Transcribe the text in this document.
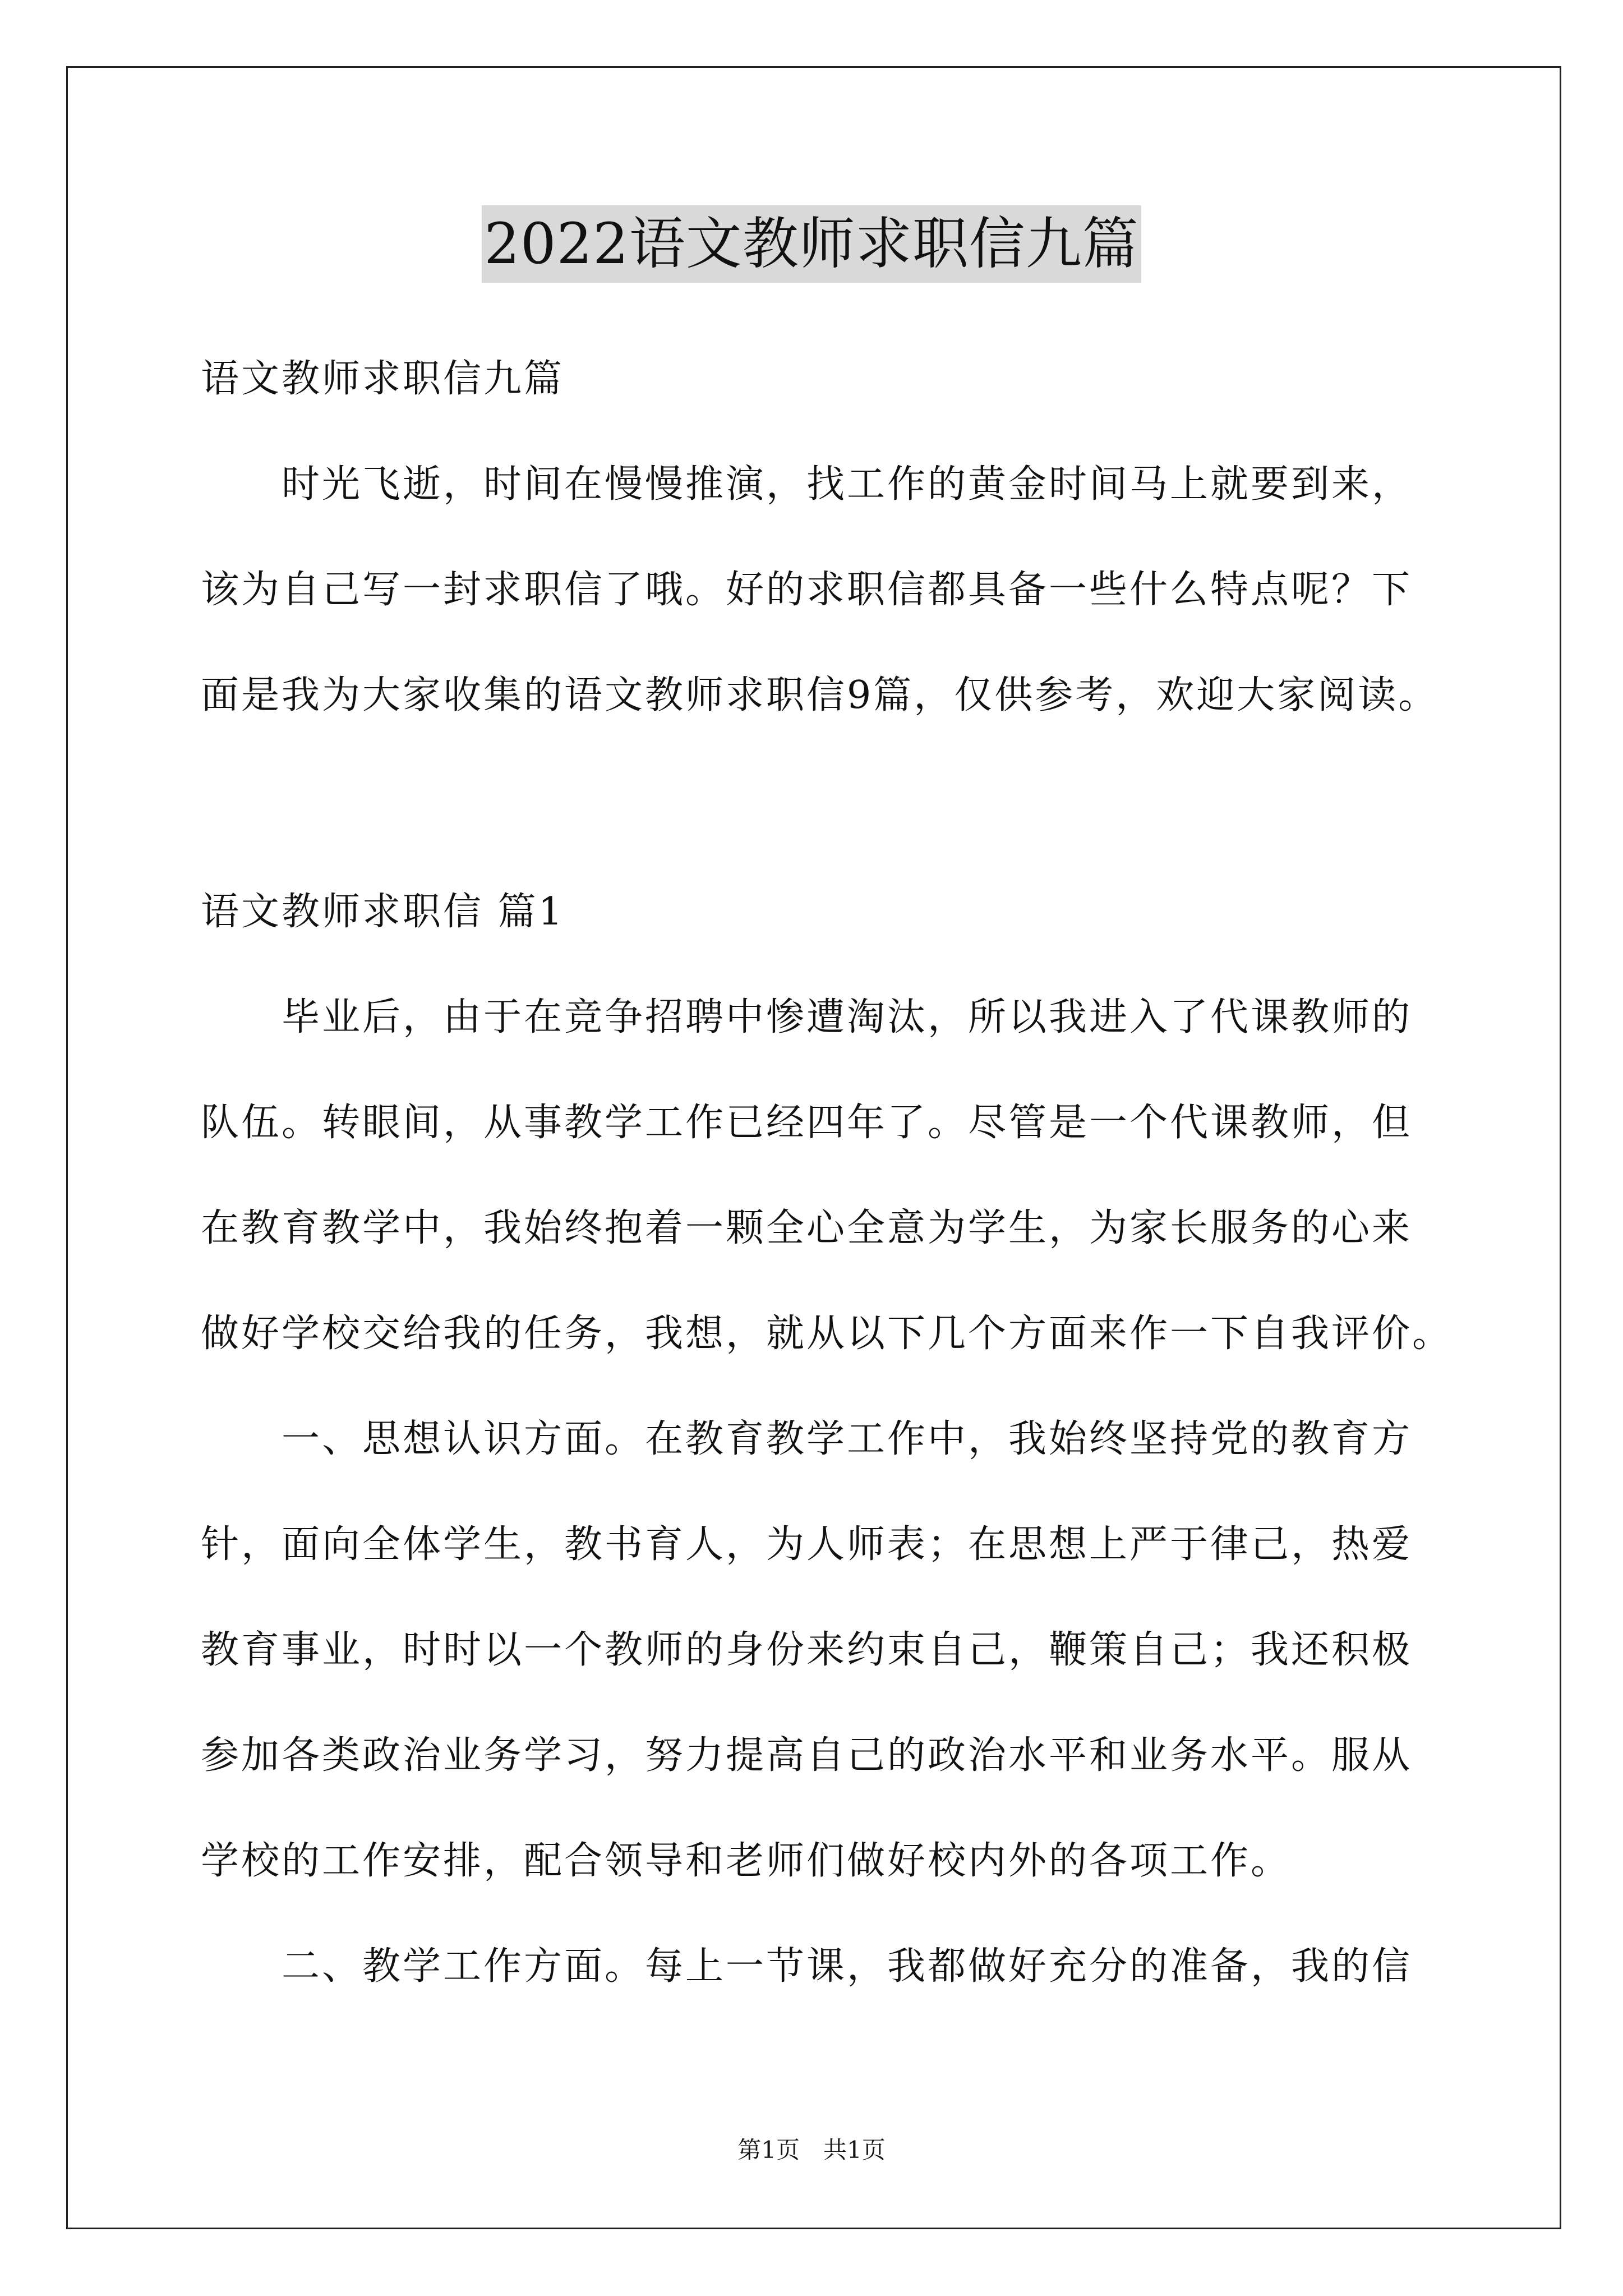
2022语文教师求职信九篇
语文教师求职信九篇
时光飞逝，时间在慢慢推演，找工作的黄金时间马上就要到来，
该为自己写一封求职信了哦。好的求职信都具备一些什么特点呢？下
面是我为大家收集的语文教师求职信9篇，仅供参考，欢迎大家阅读。
语文教师求职信 篇1
毕业后，由于在竞争招聘中惨遭淘汰，所以我进入了代课教师的
队伍。转眼间，从事教学工作已经四年了。尽管是一个代课教师，但
在教育教学中，我始终抱着一颗全心全意为学生，为家长服务的心来
做好学校交给我的任务，我想，就从以下几个方面来作一下自我评价。
一、思想认识方面。在教育教学工作中，我始终坚持党的教育方
针，面向全体学生，教书育人，为人师表；在思想上严于律己，热爱
教育事业，时时以一个教师的身份来约束自己，鞭策自己；我还积极
参加各类政治业务学习，努力提高自己的政治水平和业务水平。服从
学校的工作安排，配合领导和老师们做好校内外的各项工作。
二、教学工作方面。每上一节课，我都做好充分的准备，我的信
第1页　共1页
